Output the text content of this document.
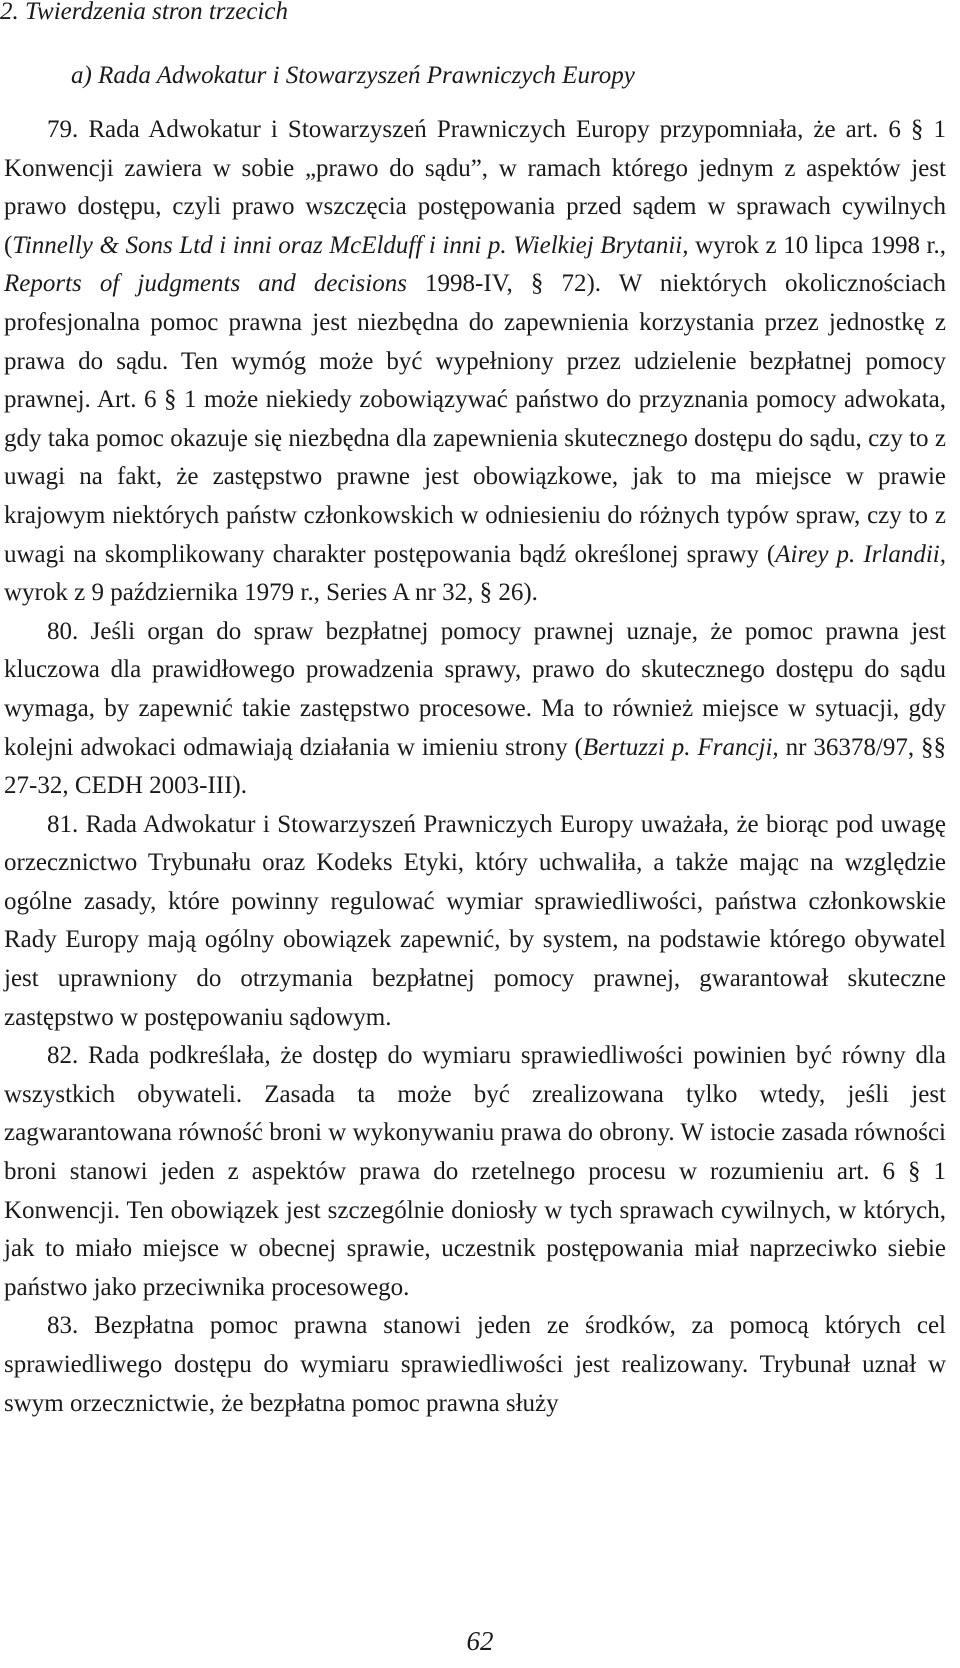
2. Twierdzenia stron trzecich
a) Rada Adwokatur i Stowarzyszeń Prawniczych Europy

79. Rada Adwokatur i Stowarzyszeń Prawniczych Europy przypomniała, że art. 6 § 1 Konwencji zawiera w sobie „prawo do sądu”, w ramach którego jednym z aspektów jest prawo dostępu, czyli prawo wszczęcia postępowania przed sądem w sprawach cywilnych (Tinnelly & Sons Ltd i inni oraz McElduff i inni p. Wielkiej Brytanii, wyrok z 10 lipca 1998 r., Reports of judgments and decisions 1998-IV, § 72). W niektórych okolicznościach profesjonalna pomoc prawna jest niezbędna do zapewnienia korzystania przez jednostkę z prawa do sądu. Ten wymóg może być wypełniony przez udzielenie bezpłatnej pomocy prawnej. Art. 6 § 1 może niekiedy zobowiązywać państwo do przyznania pomocy adwokata, gdy taka pomoc okazuje się niezbędna dla zapewnienia skutecznego dostępu do sądu, czy to z uwagi na fakt, że zastępstwo prawne jest obowiązkowe, jak to ma miejsce w prawie krajowym niektórych państw członkowskich w odniesieniu do różnych typów spraw, czy to z uwagi na skomplikowany charakter postępowania bądź określonej sprawy (Airey p. Irlandii, wyrok z 9 października 1979 r., Series A nr 32, § 26).

80. Jeśli organ do spraw bezpłatnej pomocy prawnej uznaje, że pomoc prawna jest kluczowa dla prawidłowego prowadzenia sprawy, prawo do skutecznego dostępu do sądu wymaga, by zapewnić takie zastępstwo procesowe. Ma to również miejsce w sytuacji, gdy kolejni adwokaci odmawiają działania w imieniu strony (Bertuzzi p. Francji, nr 36378/97, §§ 27-32, CEDH 2003-III).

81. Rada Adwokatur i Stowarzyszeń Prawniczych Europy uważała, że biorąc pod uwagę orzecznictwo Trybunału oraz Kodeks Etyki, który uchwaliła, a także mając na względzie ogólne zasady, które powinny regulować wymiar sprawiedliwości, państwa członkowskie Rady Europy mają ogólny obowiązek zapewnić, by system, na podstawie którego obywatel jest uprawniony do otrzymania bezpłatnej pomocy prawnej, gwarantował skuteczne zastępstwo w postępowaniu sądowym.

82. Rada podkreślała, że dostęp do wymiaru sprawiedliwości powinien być równy dla wszystkich obywateli. Zasada ta może być zrealizowana tylko wtedy, jeśli jest zagwarantowana równość broni w wykonywaniu prawa do obrony. W istocie zasada równości broni stanowi jeden z aspektów prawa do rzetelnego procesu w rozumieniu art. 6 § 1 Konwencji. Ten obowiązek jest szczególnie doniosły w tych sprawach cywilnych, w których, jak to miało miejsce w obecnej sprawie, uczestnik postępowania miał naprzeciwko siebie państwo jako przeciwnika procesowego.

83. Bezpłatna pomoc prawna stanowi jeden ze środków, za pomocą których cel sprawiedliwego dostępu do wymiaru sprawiedliwości jest realizowany. Trybunał uznał w swym orzecznictwie, że bezpłatna pomoc prawna służy

62
